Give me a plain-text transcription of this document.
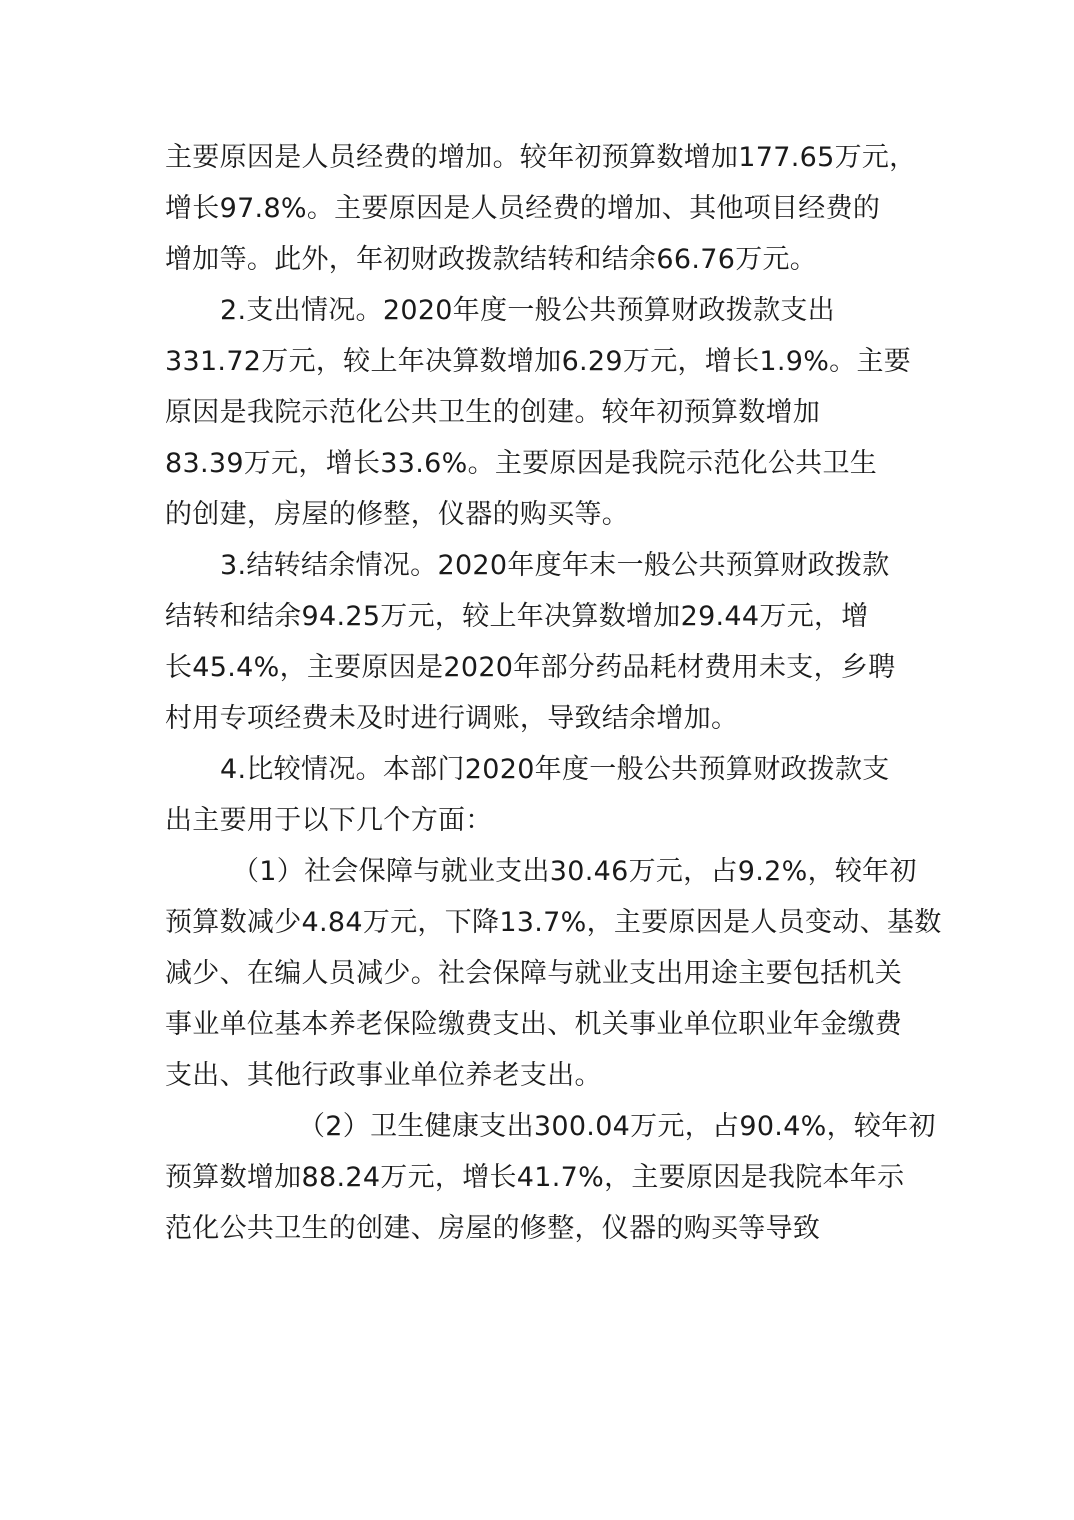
主要原因是人员经费的增加。较年初预算数增加177.65万元，
增长97.8%。主要原因是人员经费的增加、其他项目经费的
增加等。此外，年初财政拨款结转和结余66.76万元。
2.支出情况。2020年度一般公共预算财政拨款支出
331.72万元，较上年决算数增加6.29万元，增长1.9%。主要
原因是我院示范化公共卫生的创建。较年初预算数增加
83.39万元，增长33.6%。主要原因是我院示范化公共卫生
的创建，房屋的修整，仪器的购买等。
3.结转结余情况。2020年度年末一般公共预算财政拨款
结转和结余94.25万元，较上年决算数增加29.44万元，增
长45.4%，主要原因是2020年部分药品耗材费用未支，乡聘
村用专项经费未及时进行调账，导致结余增加。
4.比较情况。本部门2020年度一般公共预算财政拨款支
出主要用于以下几个方面：
（1）社会保障与就业支出30.46万元，占9.2%，较年初
预算数减少4.84万元，下降13.7%，主要原因是人员变动、基数
减少、在编人员减少。社会保障与就业支出用途主要包括机关
事业单位基本养老保险缴费支出、机关事业单位职业年金缴费
支出、其他行政事业单位养老支出。
（2）卫生健康支出300.04万元，占90.4%，较年初
预算数增加88.24万元，增长41.7%，主要原因是我院本年示
范化公共卫生的创建、房屋的修整，仪器的购买等导致
